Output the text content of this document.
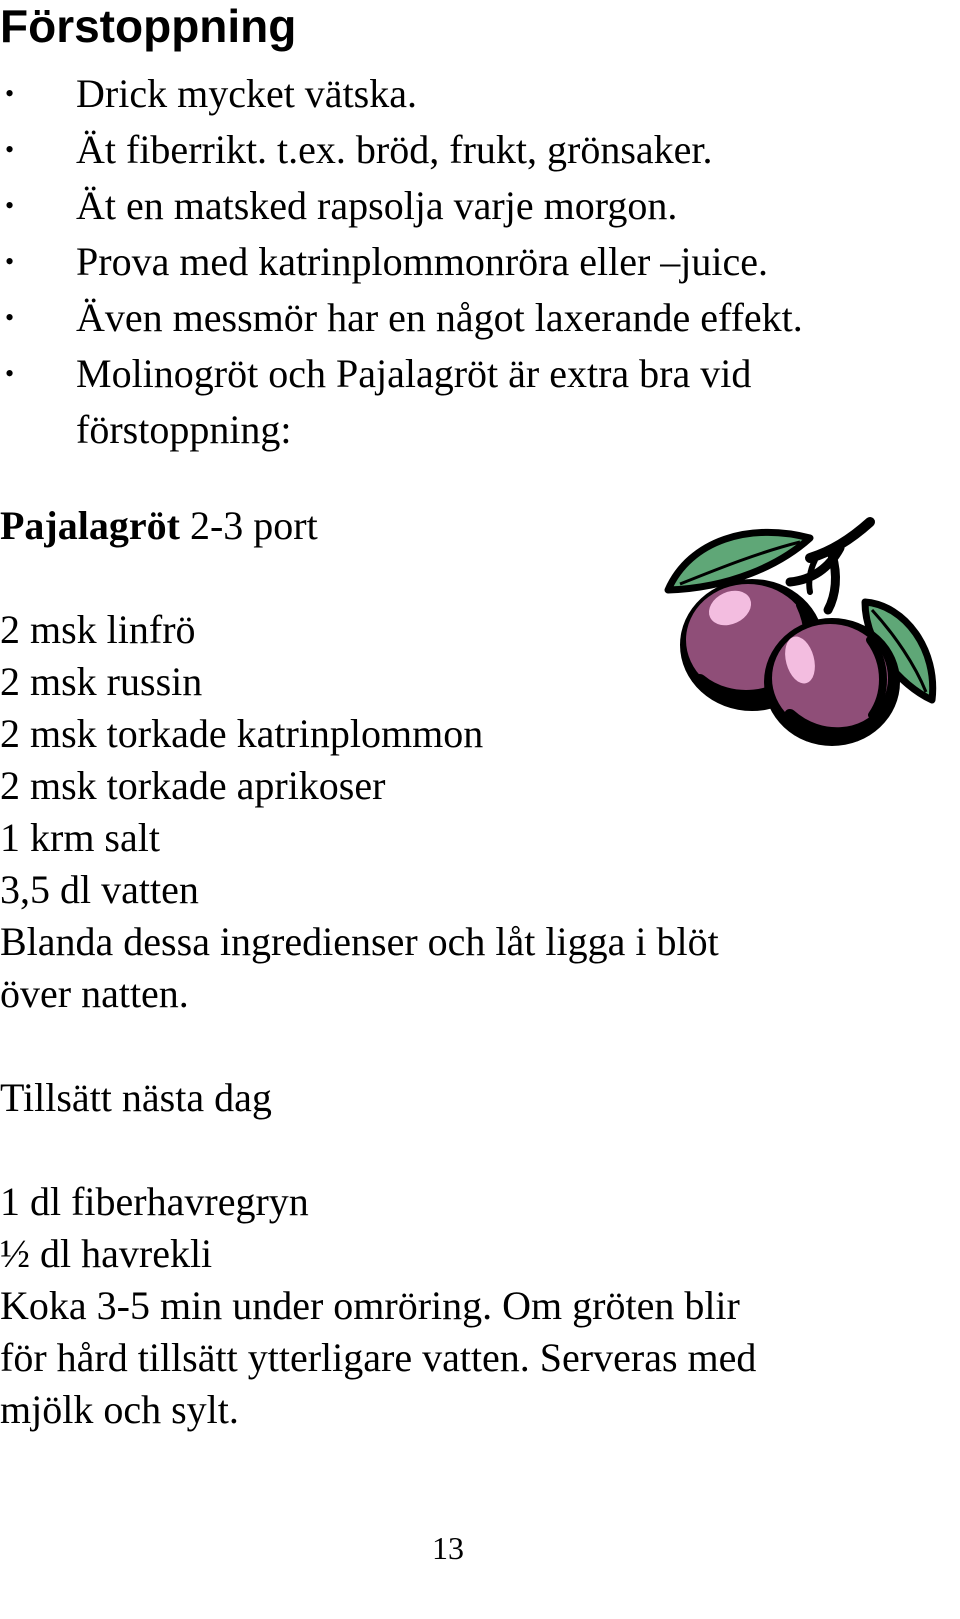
Förstoppning
• Drick mycket vätska.
• Ät fiberrikt. t.ex. bröd, frukt, grönsaker.
• Ät en matsked rapsolja varje morgon.
• Prova med katrinplommonröra eller –juice.
• Även messmör har en något laxerande effekt.
• Molinogröt och Pajalagröt är extra bra vid förstoppning:
Pajalagröt 2-3 port
2 msk linfrö
2 msk russin
2 msk torkade katrinplommon
2 msk torkade aprikoser
1 krm salt
3,5 dl vatten
Blanda dessa ingredienser och låt ligga i blöt
över natten.
Tillsätt nästa dag
1 dl fiberhavregryn
½ dl havrekli
Koka 3-5 min under omröring. Om gröten blir
för hård tillsätt ytterligare vatten. Serveras med
mjölk och sylt.
13
